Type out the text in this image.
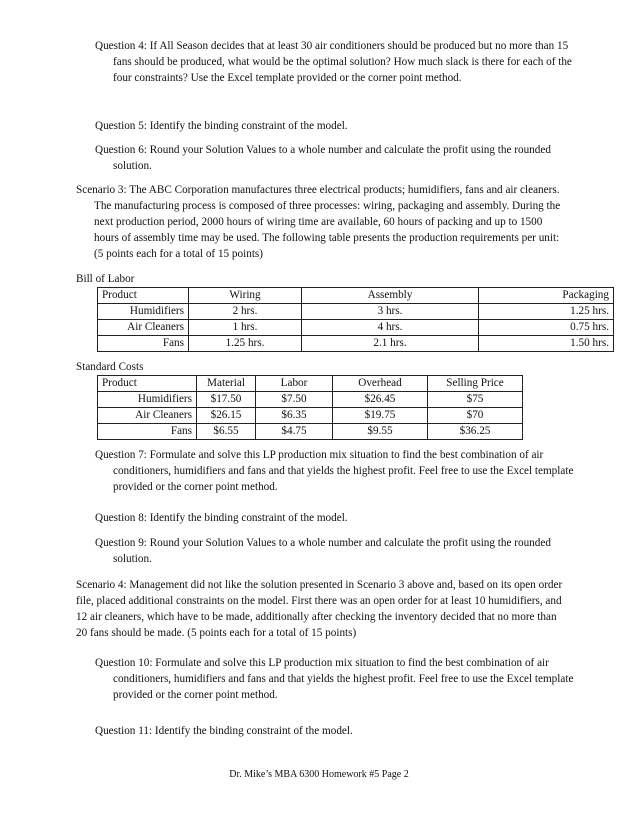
Question 4: If All Season decides that at least 30 air conditioners should be produced but no more than 15 fans should be produced, what would be the optimal solution? How much slack is there for each of the four constraints? Use the Excel template provided or the corner point method.
Question 5: Identify the binding constraint of the model.
Question 6: Round your Solution Values to a whole number and calculate the profit using the rounded solution.
Scenario 3: The ABC Corporation manufactures three electrical products; humidifiers, fans and air cleaners. The manufacturing process is composed of three processes: wiring, packaging and assembly. During the next production period, 2000 hours of wiring time are available, 60 hours of packing and up to 1500 hours of assembly time may be used. The following table presents the production requirements per unit: (5 points each for a total of 15 points)
Bill of Labor
Product	Wiring	Assembly	Packaging
Humidifiers	2 hrs.	3 hrs.	1.25 hrs.
Air Cleaners	1 hrs.	4 hrs.	0.75 hrs.
Fans	1.25 hrs.	2.1 hrs.	1.50 hrs.
Standard Costs
Product	Material	Labor	Overhead	Selling Price
Humidifiers	$17.50	$7.50	$26.45	$75
Air Cleaners	$26.15	$6.35	$19.75	$70
Fans	$6.55	$4.75	$9.55	$36.25
Question 7: Formulate and solve this LP production mix situation to find the best combination of air conditioners, humidifiers and fans and that yields the highest profit. Feel free to use the Excel template provided or the corner point method.
Question 8: Identify the binding constraint of the model.
Question 9: Round your Solution Values to a whole number and calculate the profit using the rounded solution.
Scenario 4: Management did not like the solution presented in Scenario 3 above and, based on its open order file, placed additional constraints on the model. First there was an open order for at least 10 humidifiers, and 12 air cleaners, which have to be made, additionally after checking the inventory decided that no more than 20 fans should be made. (5 points each for a total of 15 points)
Question 10: Formulate and solve this LP production mix situation to find the best combination of air conditioners, humidifiers and fans and that yields the highest profit. Feel free to use the Excel template provided or the corner point method.
Question 11: Identify the binding constraint of the model.
Dr. Mike’s MBA 6300 Homework #5 Page 2
